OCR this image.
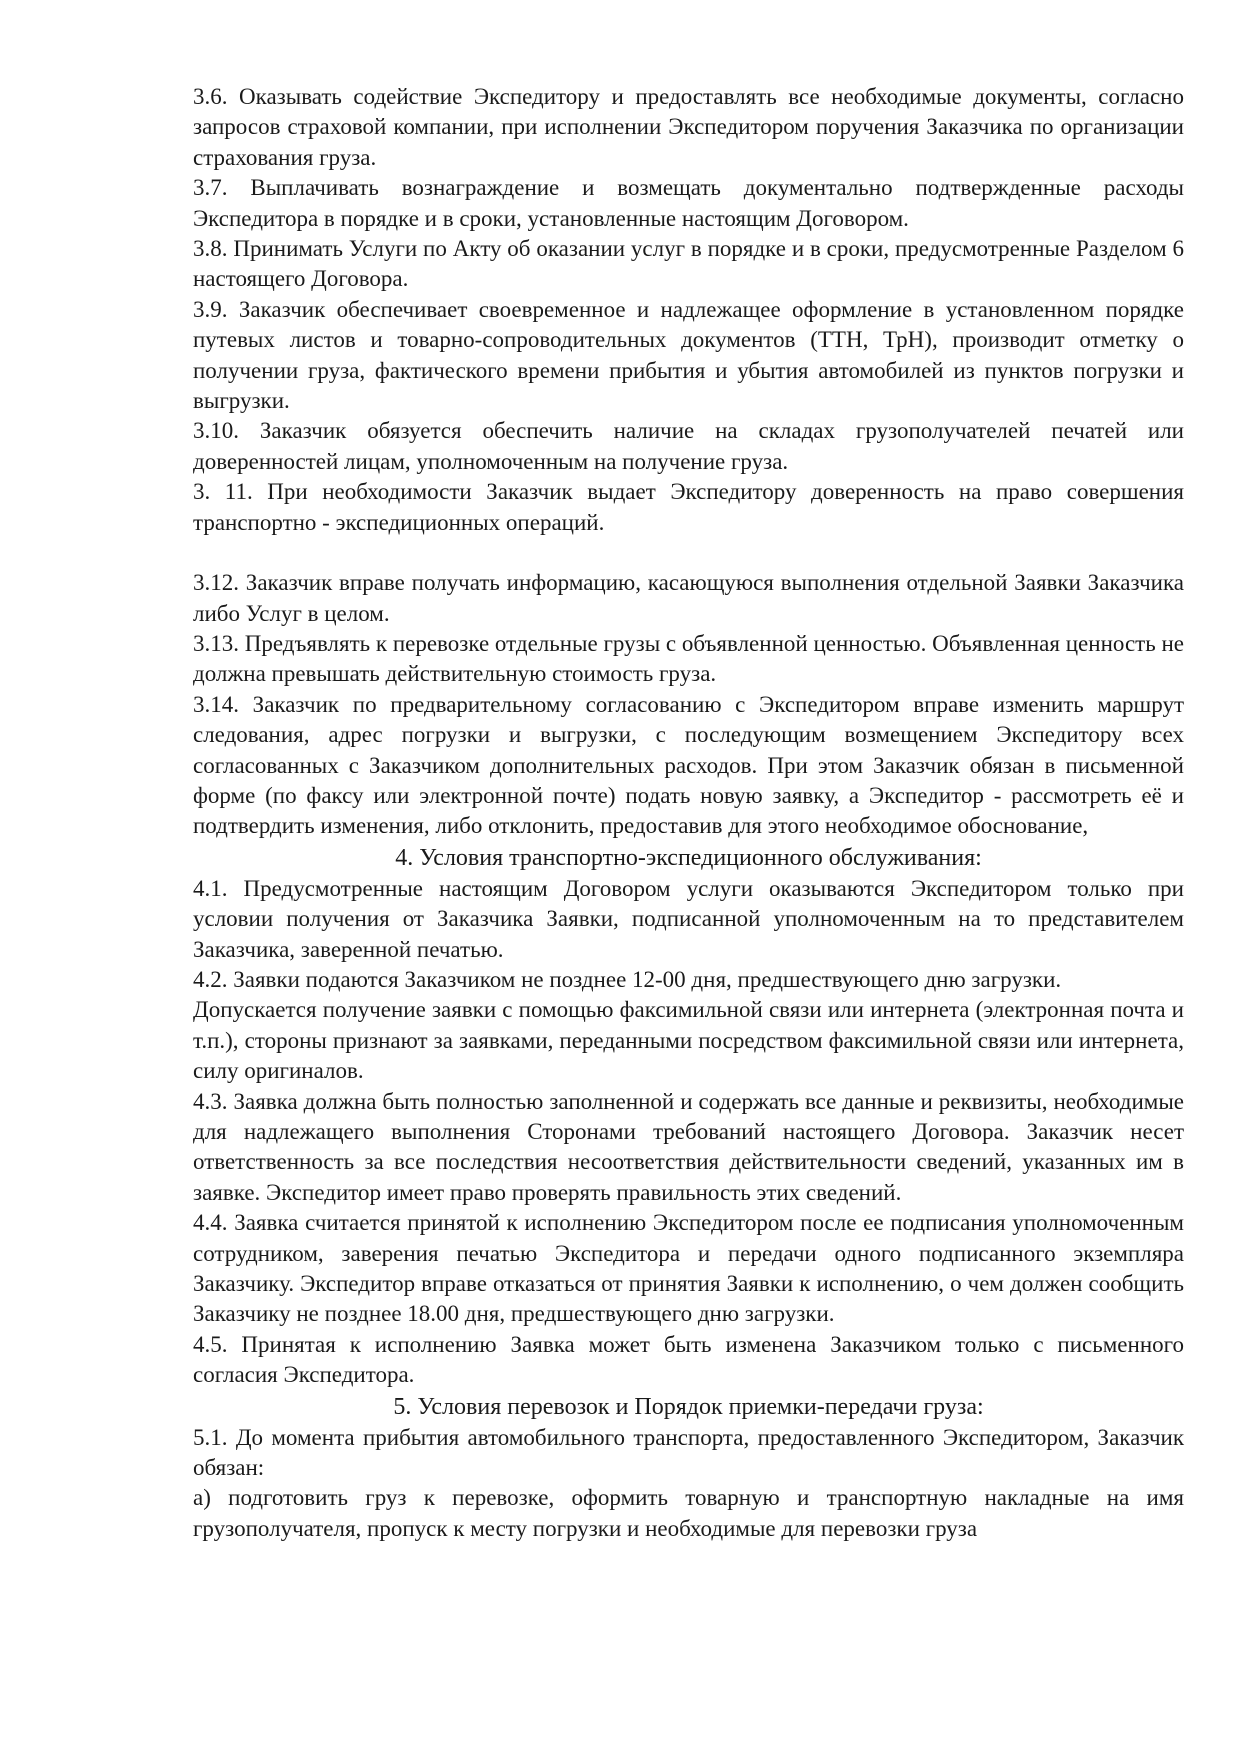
3.6. Оказывать содействие Экспедитору и предоставлять все необходимые документы, согласно запросов страховой компании, при исполнении Экспедитором поручения Заказчика по организации страхования груза.

3.7. Выплачивать вознаграждение и возмещать документально подтвержденные расходы Экспедитора в порядке и в сроки, установленные настоящим Договором.

3.8. Принимать Услуги по Акту об оказании услуг в порядке и в сроки, предусмотренные Разделом 6 настоящего Договора.

3.9. Заказчик обеспечивает своевременное и надлежащее оформление в установленном порядке путевых листов и товарно-сопроводительных документов (ТТН, ТрН), производит отметку о получении груза, фактического времени прибытия и убытия автомобилей из пунктов погрузки и выгрузки.

3.10. Заказчик обязуется обеспечить наличие на складах грузополучателей печатей или доверенностей лицам, уполномоченным на получение груза.

3. 11. При необходимости Заказчик выдает Экспедитору доверенность на право совершения транспортно - экспедиционных операций.

3.12. Заказчик вправе получать информацию, касающуюся выполнения отдельной Заявки Заказчика либо Услуг в целом.

3.13. Предъявлять к перевозке отдельные грузы с объявленной ценностью. Объявленная ценность не должна превышать действительную стоимость груза.

3.14. Заказчик по предварительному согласованию с Экспедитором вправе изменить маршрут следования, адрес погрузки и выгрузки, с последующим возмещением Экспедитору всех согласованных с Заказчиком дополнительных расходов. При этом Заказчик обязан в письменной форме (по факсу или электронной почте) подать новую заявку, а Экспедитор - рассмотреть её и подтвердить изменения, либо отклонить, предоставив для этого необходимое обоснование,

4. Условия транспортно-экспедиционного обслуживания:

4.1. Предусмотренные настоящим Договором услуги оказываются Экспедитором только при условии получения от Заказчика Заявки, подписанной уполномоченным на то представителем Заказчика, заверенной печатью.

4.2. Заявки подаются Заказчиком не позднее 12-00 дня, предшествующего дню загрузки.

Допускается получение заявки с помощью факсимильной связи или интернета (электронная почта и т.п.), стороны признают за заявками, переданными посредством факсимильной связи или интернета, силу оригиналов.

4.3. Заявка должна быть полностью заполненной и содержать все данные и реквизиты, необходимые для надлежащего выполнения Сторонами требований настоящего Договора. Заказчик несет ответственность за все последствия несоответствия действительности сведений, указанных им в заявке. Экспедитор имеет право проверять правильность этих сведений.

4.4. Заявка считается принятой к исполнению Экспедитором после ее подписания уполномоченным сотрудником, заверения печатью Экспедитора и передачи одного подписанного экземпляра Заказчику. Экспедитор вправе отказаться от принятия Заявки к исполнению, о чем должен сообщить Заказчику не позднее 18.00 дня, предшествующего дню загрузки.

4.5. Принятая к исполнению Заявка может быть изменена Заказчиком только с письменного согласия Экспедитора.

5. Условия перевозок и Порядок приемки-передачи груза:

5.1. До момента прибытия автомобильного транспорта, предоставленного Экспедитором, Заказчик обязан:

а) подготовить груз к перевозке, оформить товарную и транспортную накладные на имя грузополучателя, пропуск к месту погрузки и необходимые для перевозки груза
